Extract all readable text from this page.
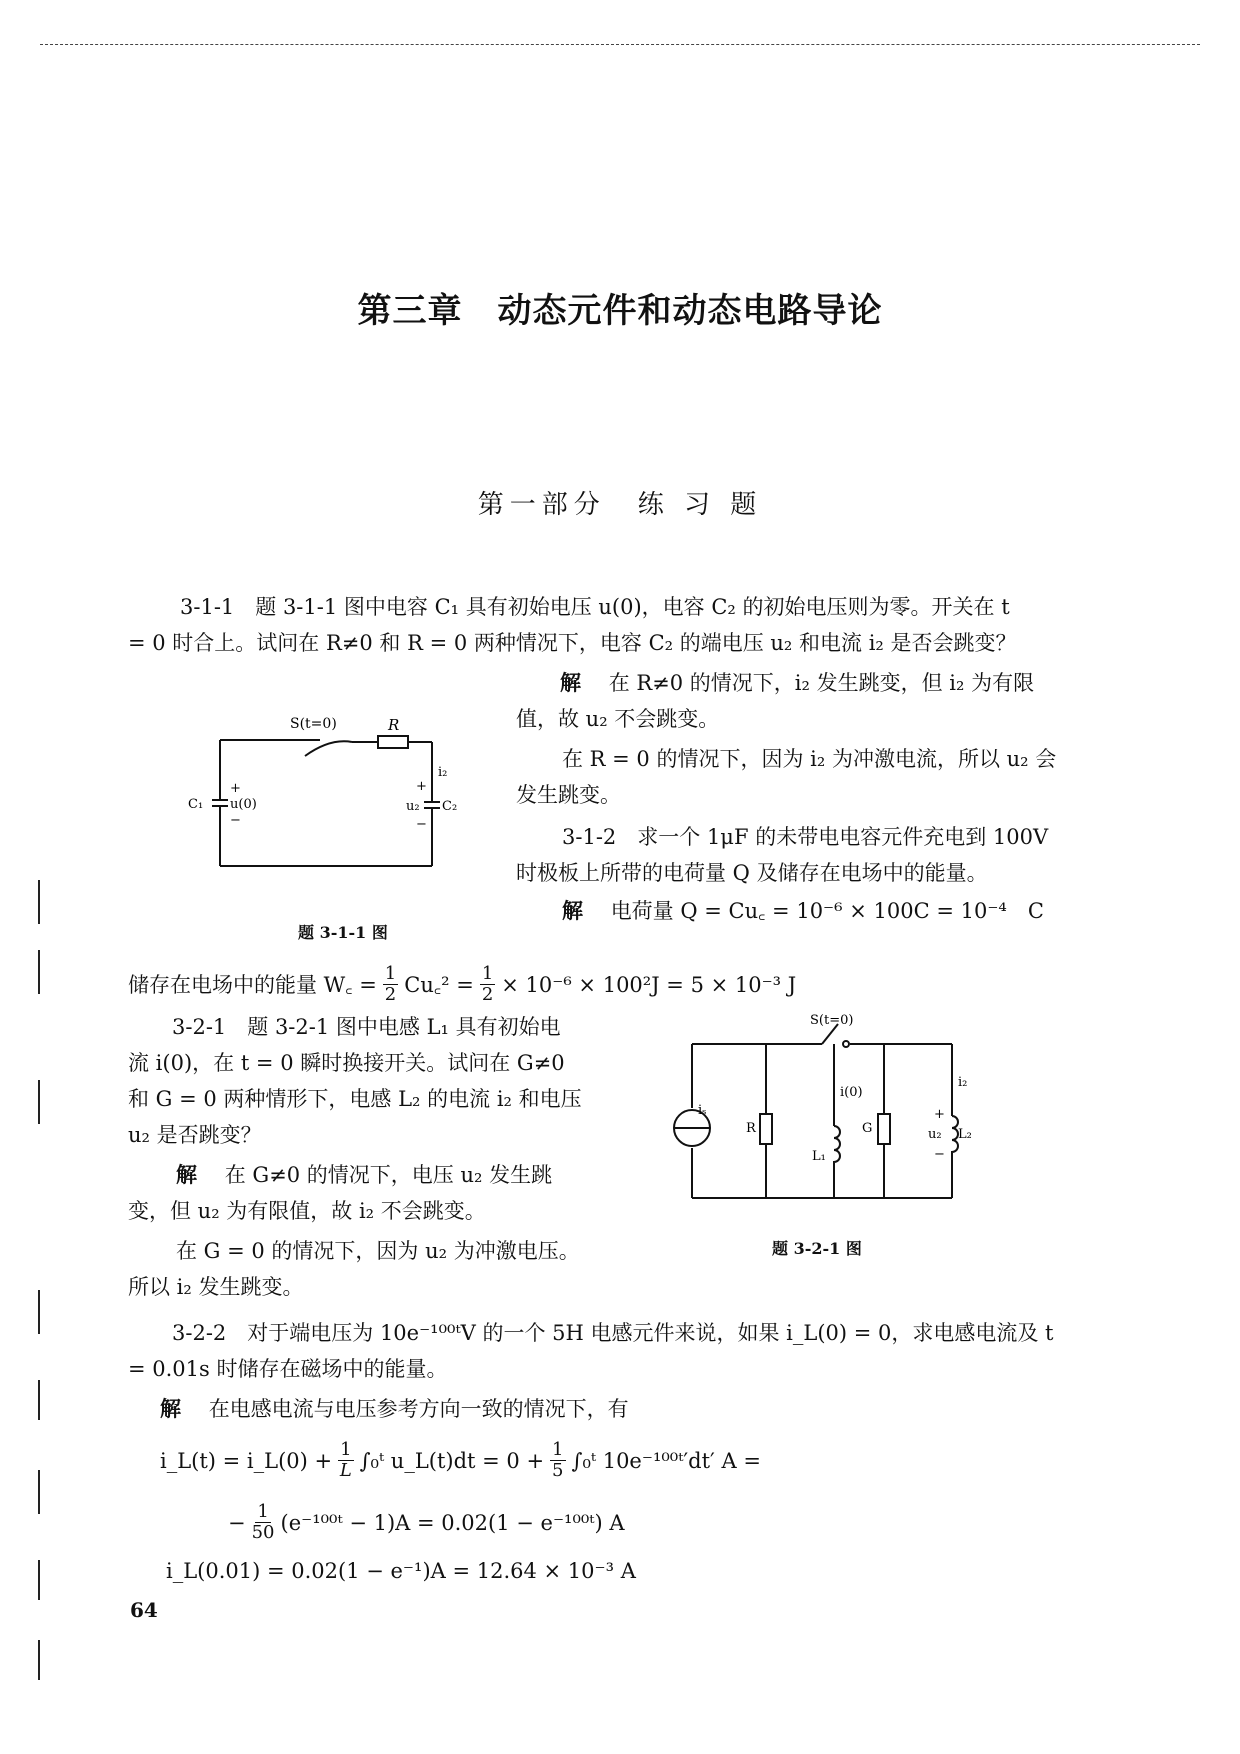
第三章　动态元件和动态电路导论
第一部分　练 习 题
3-1-1　题 3-1-1 图中电容 C₁ 具有初始电压 u(0)，电容 C₂ 的初始电压则为零。开关在 t
= 0 时合上。试问在 R≠0 和 R = 0 两种情况下，电容 C₂ 的端电压 u₂ 和电流 i₂ 是否会跳变？
解　 在 R≠0 的情况下，i₂ 发生跳变，但 i₂ 为有限
值，故 u₂ 不会跳变。
在 R = 0 的情况下，因为 i₂ 为冲激电流，所以 u₂ 会
发生跳变。
3-1-2　求一个 1μF 的未带电电容元件充电到 100V
时极板上所带的电荷量 Q 及储存在电场中的能量。
解　 电荷量 Q = Cu꜀ = 10⁻⁶ × 100C = 10⁻⁴　C
S(t=0)	R
C₁
+
u(0)
−
i₂
+
u₂ C₂
−
题 3-1-1 图
储存在电场中的能量 W꜀ = $\frac{1}{2}$ Cu꜀² = $\frac{1}{2} \times 10^{-6} \times 100^2J = 5 \times 10^{-3}$ J
3-2-1　题 3-2-1 图中电感 L₁ 具有初始电
流 i(0)，在 t = 0 瞬时换接开关。试问在 G≠0
和 G = 0 两种情形下，电感 L₂ 的电流 i₂ 和电压
u₂ 是否跳变？
解　 在 G≠0 的情况下，电压 u₂ 发生跳
变，但 u₂ 为有限值，故 i₂ 不会跳变。
在 G = 0 的情况下，因为 u₂ 为冲激电压。
所以 i₂ 发生跳变。
S(t=0)
iₛ
R
i(0)
L₁
G
i₂
+
u₂ L₂
−
题 3-2-1 图
3-2-2　对于端电压为 10e⁻¹⁰⁰ᵗV 的一个 5H 电感元件来说，如果 i_L(0) = 0，求电感电流及 t
= 0.01s 时储存在磁场中的能量。
解　 在电感电流与电压参考方向一致的情况下，有
i_L(t) = i_L(0) + $\frac{1}{L}$ ∫₀ᵗ u_L(t)dt = $0 + \frac{1}{5}$ ∫₀ᵗ 10e⁻¹⁰⁰ᵗ′dt′ A =
− $\frac{1}{50}$ (e⁻¹⁰⁰ᵗ − 1)A = 0.02(1 − e⁻¹⁰⁰ᵗ) A
i_L(0.01) = 0.02(1 − e⁻¹)A = 12.64 × 10⁻³ A
64
